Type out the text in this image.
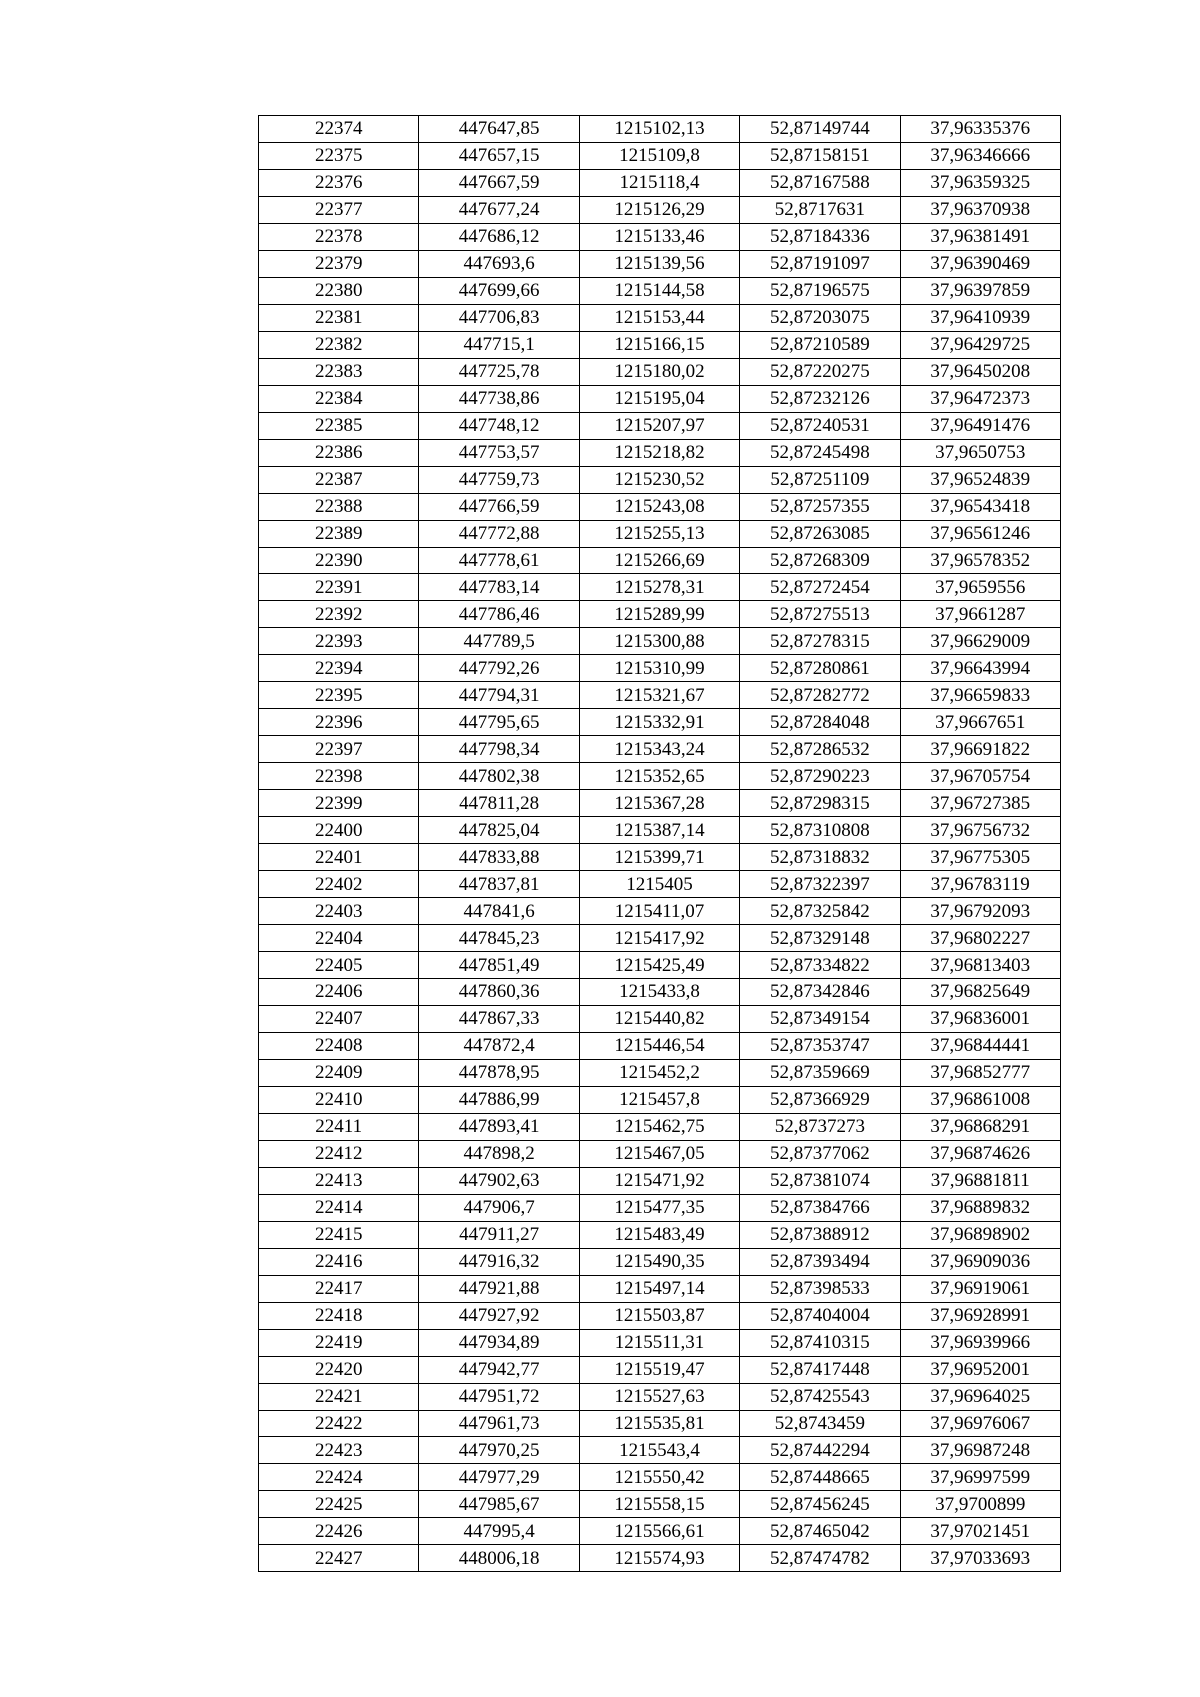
22374	447647,85	1215102,13	52,87149744	37,96335376
22375	447657,15	1215109,8	52,87158151	37,96346666
22376	447667,59	1215118,4	52,87167588	37,96359325
22377	447677,24	1215126,29	52,8717631	37,96370938
22378	447686,12	1215133,46	52,87184336	37,96381491
22379	447693,6	1215139,56	52,87191097	37,96390469
22380	447699,66	1215144,58	52,87196575	37,96397859
22381	447706,83	1215153,44	52,87203075	37,96410939
22382	447715,1	1215166,15	52,87210589	37,96429725
22383	447725,78	1215180,02	52,87220275	37,96450208
22384	447738,86	1215195,04	52,87232126	37,96472373
22385	447748,12	1215207,97	52,87240531	37,96491476
22386	447753,57	1215218,82	52,87245498	37,9650753
22387	447759,73	1215230,52	52,87251109	37,96524839
22388	447766,59	1215243,08	52,87257355	37,96543418
22389	447772,88	1215255,13	52,87263085	37,96561246
22390	447778,61	1215266,69	52,87268309	37,96578352
22391	447783,14	1215278,31	52,87272454	37,9659556
22392	447786,46	1215289,99	52,87275513	37,9661287
22393	447789,5	1215300,88	52,87278315	37,96629009
22394	447792,26	1215310,99	52,87280861	37,96643994
22395	447794,31	1215321,67	52,87282772	37,96659833
22396	447795,65	1215332,91	52,87284048	37,9667651
22397	447798,34	1215343,24	52,87286532	37,96691822
22398	447802,38	1215352,65	52,87290223	37,96705754
22399	447811,28	1215367,28	52,87298315	37,96727385
22400	447825,04	1215387,14	52,87310808	37,96756732
22401	447833,88	1215399,71	52,87318832	37,96775305
22402	447837,81	1215405	52,87322397	37,96783119
22403	447841,6	1215411,07	52,87325842	37,96792093
22404	447845,23	1215417,92	52,87329148	37,96802227
22405	447851,49	1215425,49	52,87334822	37,96813403
22406	447860,36	1215433,8	52,87342846	37,96825649
22407	447867,33	1215440,82	52,87349154	37,96836001
22408	447872,4	1215446,54	52,87353747	37,96844441
22409	447878,95	1215452,2	52,87359669	37,96852777
22410	447886,99	1215457,8	52,87366929	37,96861008
22411	447893,41	1215462,75	52,8737273	37,96868291
22412	447898,2	1215467,05	52,87377062	37,96874626
22413	447902,63	1215471,92	52,87381074	37,96881811
22414	447906,7	1215477,35	52,87384766	37,96889832
22415	447911,27	1215483,49	52,87388912	37,96898902
22416	447916,32	1215490,35	52,87393494	37,96909036
22417	447921,88	1215497,14	52,87398533	37,96919061
22418	447927,92	1215503,87	52,87404004	37,96928991
22419	447934,89	1215511,31	52,87410315	37,96939966
22420	447942,77	1215519,47	52,87417448	37,96952001
22421	447951,72	1215527,63	52,87425543	37,96964025
22422	447961,73	1215535,81	52,8743459	37,96976067
22423	447970,25	1215543,4	52,87442294	37,96987248
22424	447977,29	1215550,42	52,87448665	37,96997599
22425	447985,67	1215558,15	52,87456245	37,9700899
22426	447995,4	1215566,61	52,87465042	37,97021451
22427	448006,18	1215574,93	52,87474782	37,97033693
